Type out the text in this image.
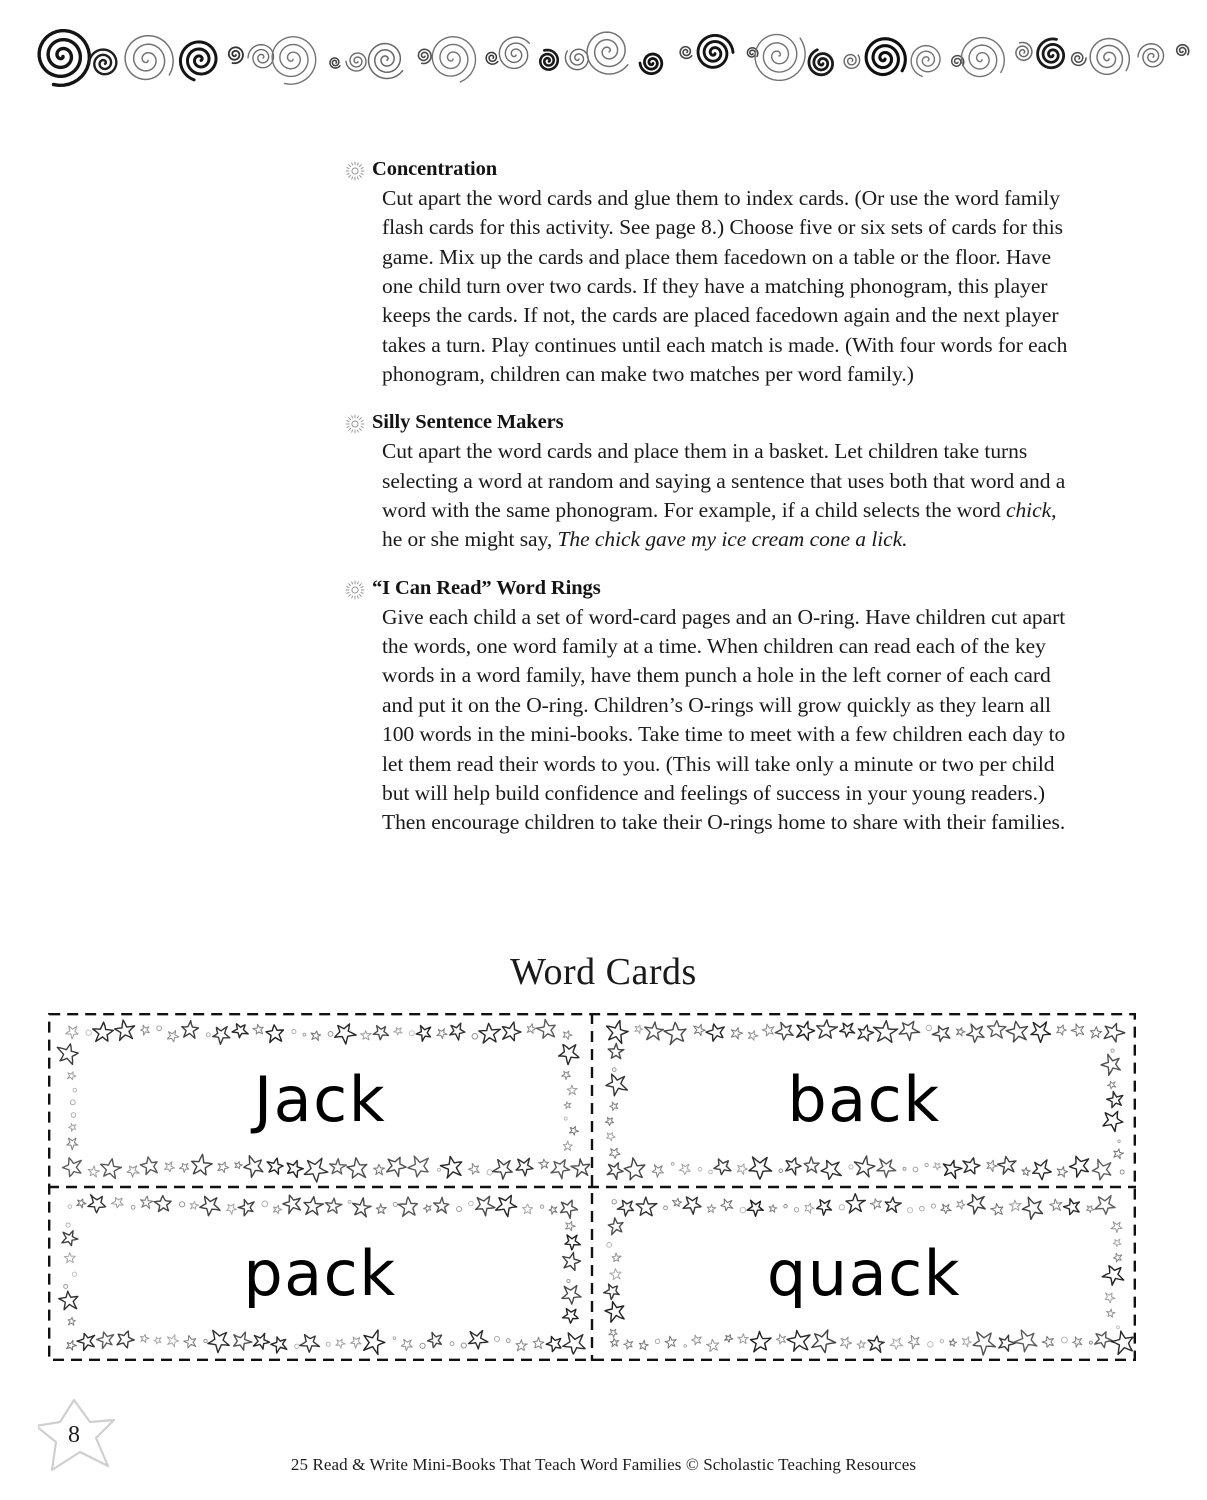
Concentration
Cut apart the word cards and glue them to index cards. (Or use the word family flash cards for this activity. See page 8.) Choose five or six sets of cards for this game. Mix up the cards and place them facedown on a table or the floor. Have one child turn over two cards. If they have a matching phonogram, this player keeps the cards. If not, the cards are placed facedown again and the next player takes a turn. Play continues until each match is made. (With four words for each phonogram, children can make two matches per word family.)
Silly Sentence Makers
Cut apart the word cards and place them in a basket. Let children take turns selecting a word at random and saying a sentence that uses both that word and a word with the same phonogram. For example, if a child selects the word chick, he or she might say, The chick gave my ice cream cone a lick.
“I Can Read” Word Rings
Give each child a set of word-card pages and an O-ring. Have children cut apart the words, one word family at a time. When children can read each of the key words in a word family, have them punch a hole in the left corner of each card and put it on the O-ring. Children’s O-rings will grow quickly as they learn all 100 words in the mini-books. Take time to meet with a few children each day to let them read their words to you. (This will take only a minute or two per child but will help build confidence and feelings of success in your young readers.) Then encourage children to take their O-rings home to share with their families.
Word Cards
Jack	back
pack	quack
8
25 Read & Write Mini-Books That Teach Word Families © Scholastic Teaching Resources
